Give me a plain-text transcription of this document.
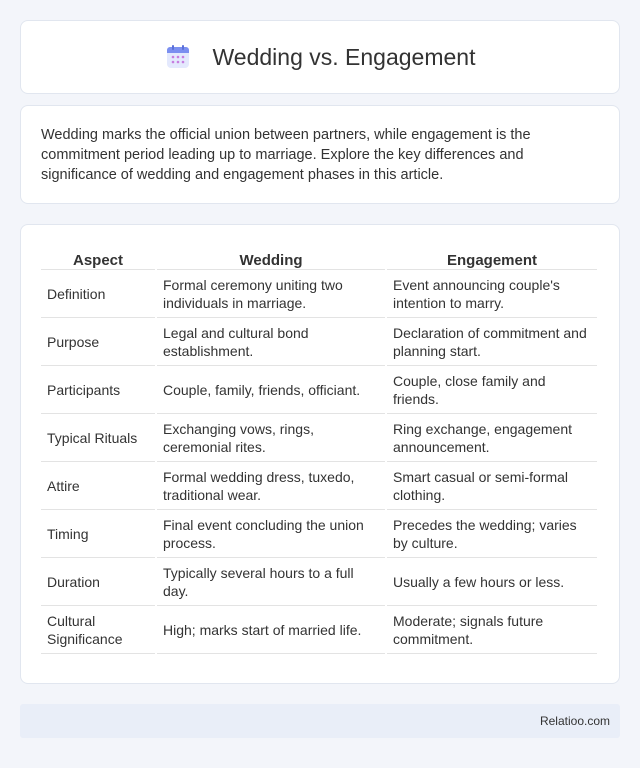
Wedding vs. Engagement

Wedding marks the official union between partners, while engagement is the commitment period leading up to marriage. Explore the key differences and significance of wedding and engagement phases in this article.

Aspect	Wedding	Engagement
Definition	Formal ceremony uniting two individuals in marriage.	Event announcing couple's intention to marry.
Purpose	Legal and cultural bond establishment.	Declaration of commitment and planning start.
Participants	Couple, family, friends, officiant.	Couple, close family and friends.
Typical Rituals	Exchanging vows, rings, ceremonial rites.	Ring exchange, engagement announcement.
Attire	Formal wedding dress, tuxedo, traditional wear.	Smart casual or semi-formal clothing.
Timing	Final event concluding the union process.	Precedes the wedding; varies by culture.
Duration	Typically several hours to a full day.	Usually a few hours or less.
Cultural Significance	High; marks start of married life.	Moderate; signals future commitment.
Relatioo.com
